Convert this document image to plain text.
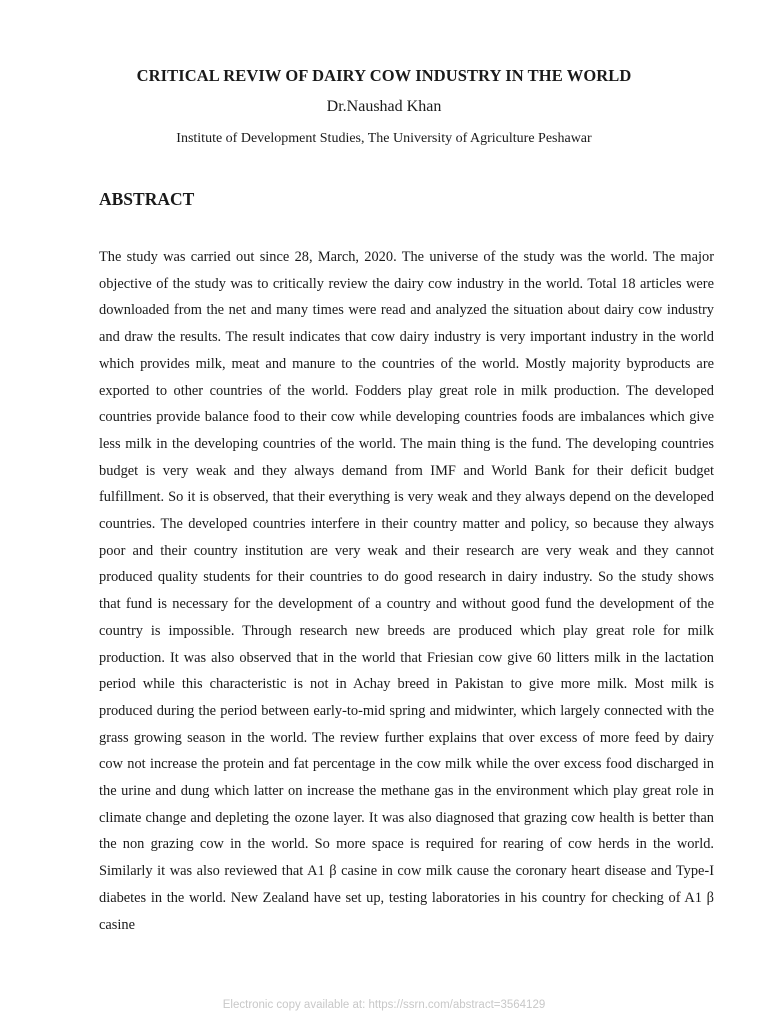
CRITICAL REVIW OF DAIRY COW INDUSTRY IN THE WORLD
Dr.Naushad Khan
Institute of Development Studies, The University of Agriculture Peshawar
ABSTRACT

The study was carried out since 28, March, 2020. The universe of the study was the world. The major objective of the study was to critically review the dairy cow industry in the world. Total 18 articles were downloaded from the net and many times were read and analyzed the situation about dairy cow industry and draw the results. The result indicates that cow dairy industry is very important industry in the world which provides milk, meat and manure to the countries of the world. Mostly majority byproducts are exported to other countries of the world. Fodders play great role in milk production. The developed countries provide balance food to their cow while developing countries foods are imbalances which give less milk in the developing countries of the world. The main thing is the fund. The developing countries budget is very weak and they always demand from IMF and World Bank for their deficit budget fulfillment. So it is observed, that their everything is very weak and they always depend on the developed countries. The developed countries interfere in their country matter and policy, so because they always poor and their country institution are very weak and their research are very weak and they cannot produced quality students for their countries to do good research in dairy industry. So the study shows that fund is necessary for the development of a country and without good fund the development of the country is impossible. Through research new breeds are produced which play great role for milk production. It was also observed that in the world that Friesian cow give 60 litters milk in the lactation period while this characteristic is not in Achay breed in Pakistan to give more milk. Most milk is produced during the period between early-to-mid spring and midwinter, which largely connected with the grass growing season in the world. The review further explains that over excess of more feed by dairy cow not increase the protein and fat percentage in the cow milk while the over excess food discharged in the urine and dung which latter on increase the methane gas in the environment which play great role in climate change and depleting the ozone layer. It was also diagnosed that grazing cow health is better than the non grazing cow in the world. So more space is required for rearing of cow herds in the world. Similarly it was also reviewed that A1 β casine in cow milk cause the coronary heart disease and Type-I diabetes in the world. New Zealand have set up, testing laboratories in his country for checking of A1 β casine

Electronic copy available at: https://ssrn.com/abstract=3564129
